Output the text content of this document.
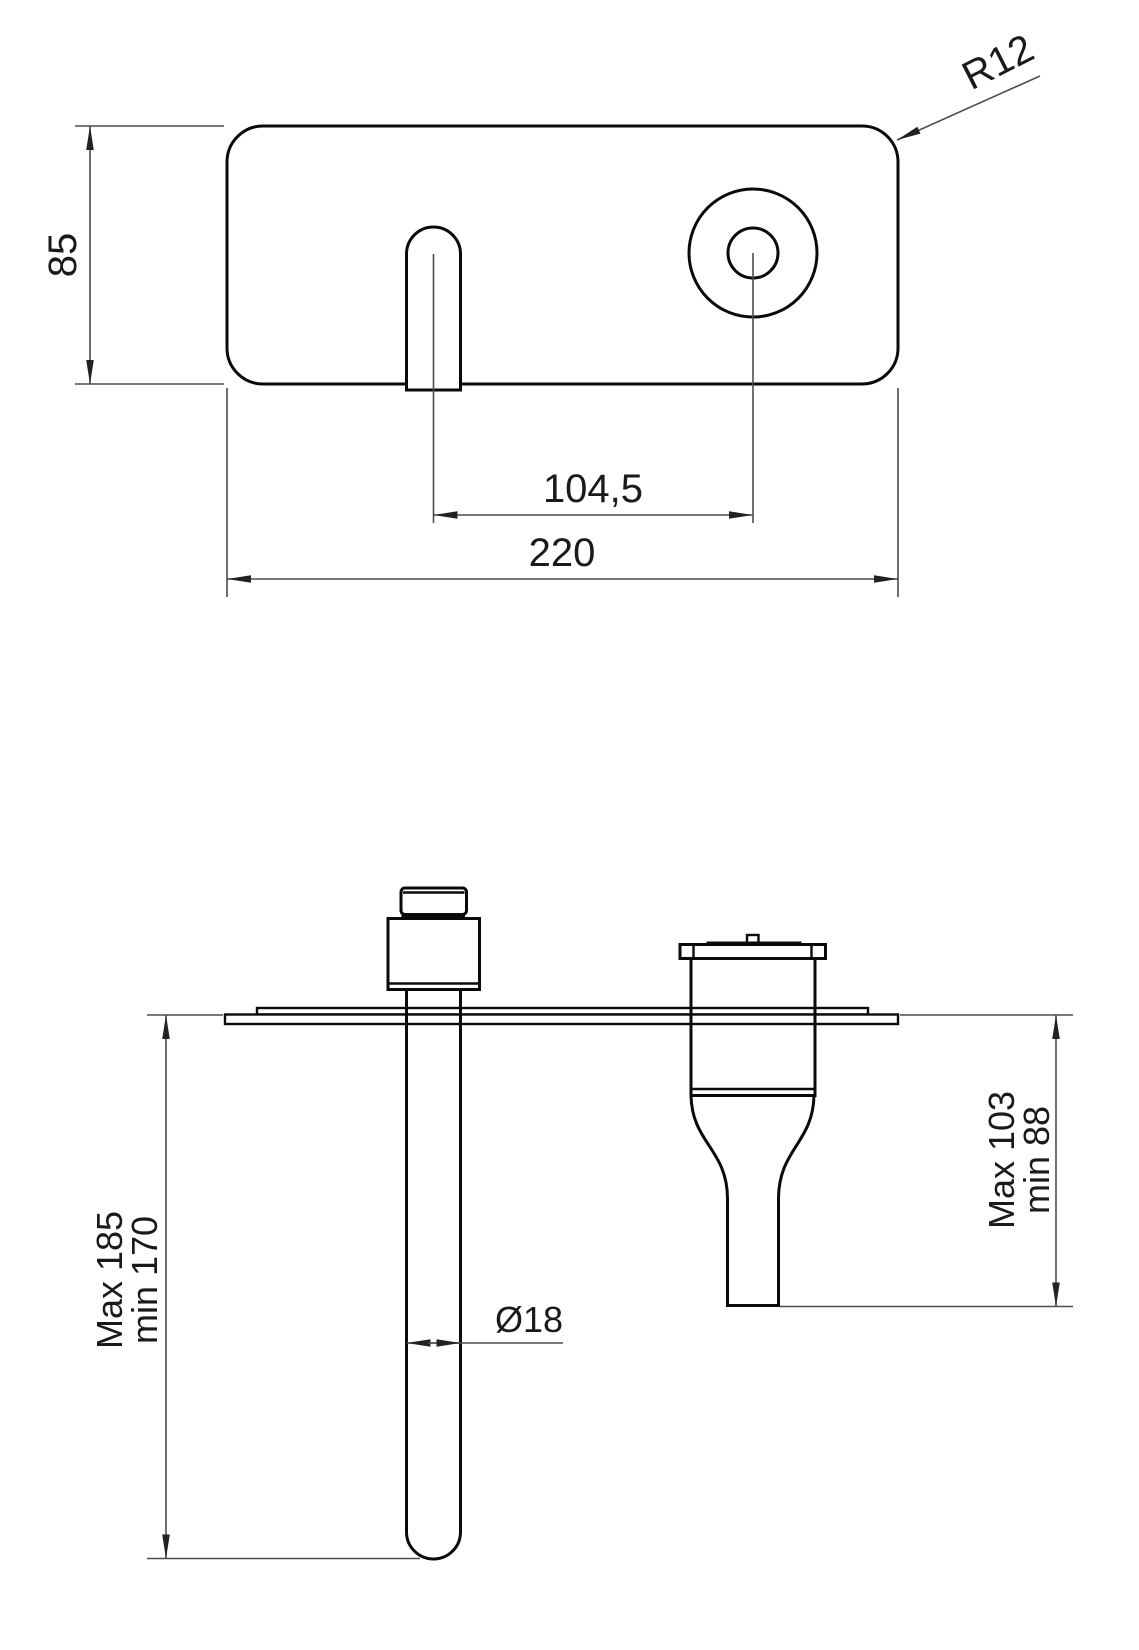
85
104,5
220
R12
Max 185
min 170
Max 103
min 88
Ø18
